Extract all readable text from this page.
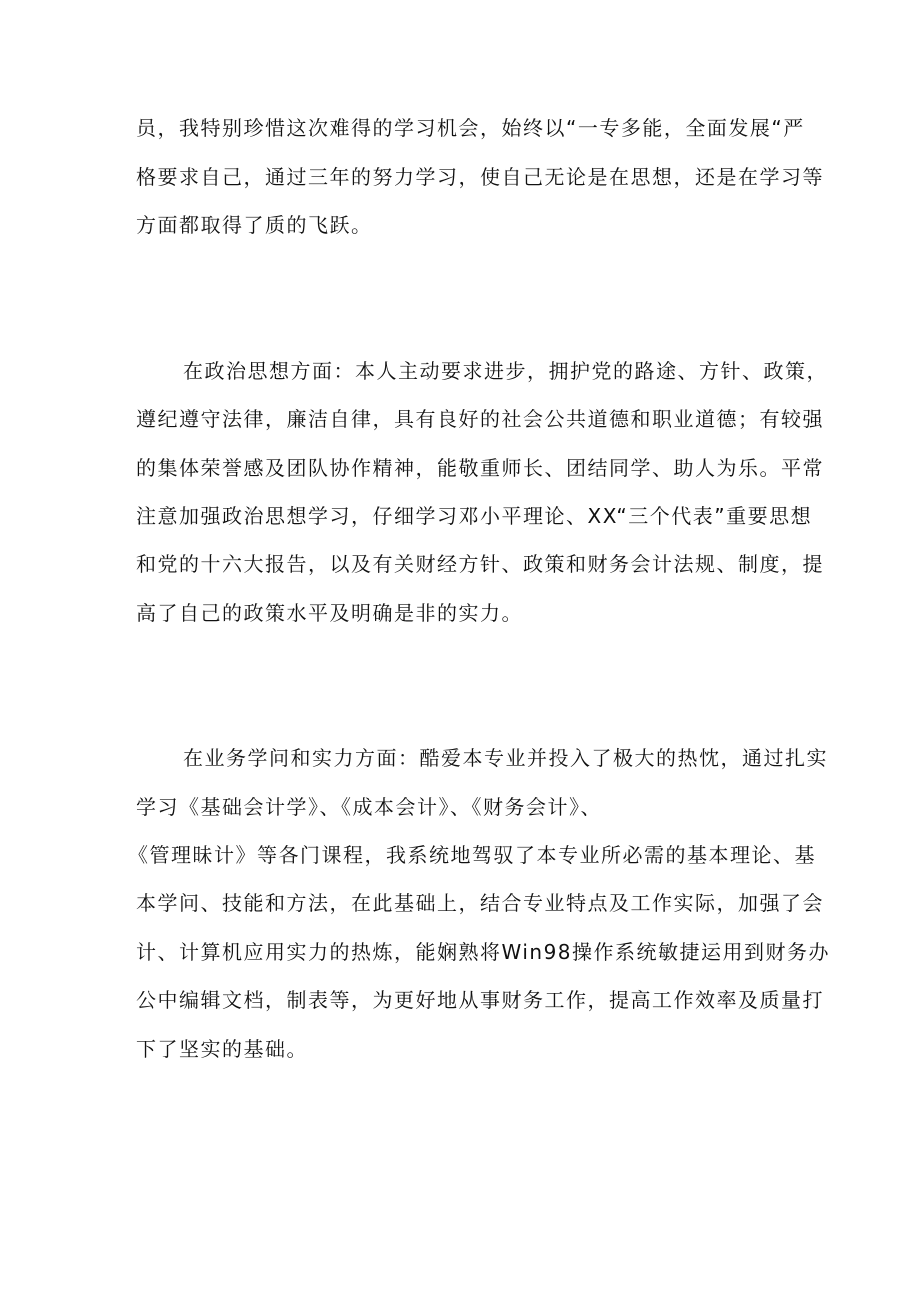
员，我特别珍惜这次难得的学习机会，始终以“一专多能，全面发展“严
格要求自己，通过三年的努力学习，使自己无论是在思想，还是在学习等
方面都取得了质的飞跃。
在政治思想方面：本人主动要求进步，拥护党的路途、方针、政策，
遵纪遵守法律，廉洁自律，具有良好的社会公共道德和职业道德；有较强
的集体荣誉感及团队协作精神，能敬重师长、团结同学、助人为乐。平常
注意加强政治思想学习，仔细学习邓小平理论、XX“三个代表”重要思想
和党的十六大报告，以及有关财经方针、政策和财务会计法规、制度，提
高了自己的政策水平及明确是非的实力。
在业务学问和实力方面：酷爱本专业并投入了极大的热忱，通过扎实
学习《基础会计学》、《成本会计》、《财务会计》、
《管理昧计》等各门课程，我系统地驾驭了本专业所必需的基本理论、基
本学问、技能和方法，在此基础上，结合专业特点及工作实际，加强了会
计、计算机应用实力的热炼，能娴熟将Win98操作系统敏捷运用到财务办
公中编辑文档，制表等，为更好地从事财务工作，提高工作效率及质量打
下了坚实的基础。
